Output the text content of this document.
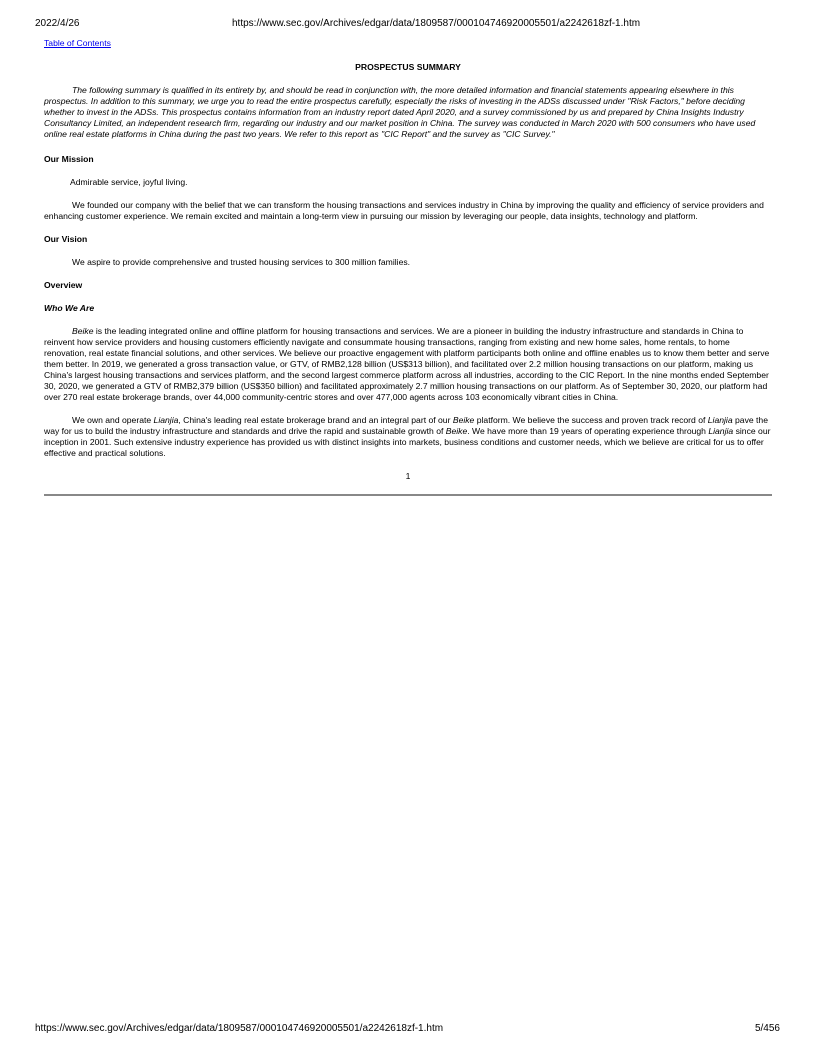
2022/4/26	https://www.sec.gov/Archives/edgar/data/1809587/000104746920005501/a2242618zf-1.htm
Table of Contents
PROSPECTUS SUMMARY

The following summary is qualified in its entirety by, and should be read in conjunction with, the more detailed information and financial statements appearing elsewhere in this prospectus. In addition to this summary, we urge you to read the entire prospectus carefully, especially the risks of investing in the ADSs discussed under "Risk Factors," before deciding whether to invest in the ADSs. This prospectus contains information from an industry report dated April 2020, and a survey commissioned by us and prepared by China Insights Industry Consultancy Limited, an independent research firm, regarding our industry and our market position in China. The survey was conducted in March 2020 with 500 consumers who have used online real estate platforms in China during the past two years. We refer to this report as "CIC Report" and the survey as "CIC Survey."

Our Mission

Admirable service, joyful living.

We founded our company with the belief that we can transform the housing transactions and services industry in China by improving the quality and efficiency of service providers and enhancing customer experience. We remain excited and maintain a long-term view in pursuing our mission by leveraging our people, data insights, technology and platform.

Our Vision

We aspire to provide comprehensive and trusted housing services to 300 million families.

Overview
Who We Are

Beike is the leading integrated online and offline platform for housing transactions and services. We are a pioneer in building the industry infrastructure and standards in China to reinvent how service providers and housing customers efficiently navigate and consummate housing transactions, ranging from existing and new home sales, home rentals, to home renovation, real estate financial solutions, and other services. We believe our proactive engagement with platform participants both online and offline enables us to know them better and serve them better. In 2019, we generated a gross transaction value, or GTV, of RMB2,128 billion (US$313 billion), and facilitated over 2.2 million housing transactions on our platform, making us China's largest housing transactions and services platform, and the second largest commerce platform across all industries, according to the CIC Report. In the nine months ended September 30, 2020, we generated a GTV of RMB2,379 billion (US$350 billion) and facilitated approximately 2.7 million housing transactions on our platform. As of September 30, 2020, our platform had over 270 real estate brokerage brands, over 44,000 community-centric stores and over 477,000 agents across 103 economically vibrant cities in China.

We own and operate Lianjia, China's leading real estate brokerage brand and an integral part of our Beike platform. We believe the success and proven track record of Lianjia pave the way for us to build the industry infrastructure and standards and drive the rapid and sustainable growth of Beike. We have more than 19 years of operating experience through Lianjia since our inception in 2001. Such extensive industry experience has provided us with distinct insights into markets, business conditions and customer needs, which we believe are critical for us to offer effective and practical solutions.

1
https://www.sec.gov/Archives/edgar/data/1809587/000104746920005501/a2242618zf-1.htm	5/456
